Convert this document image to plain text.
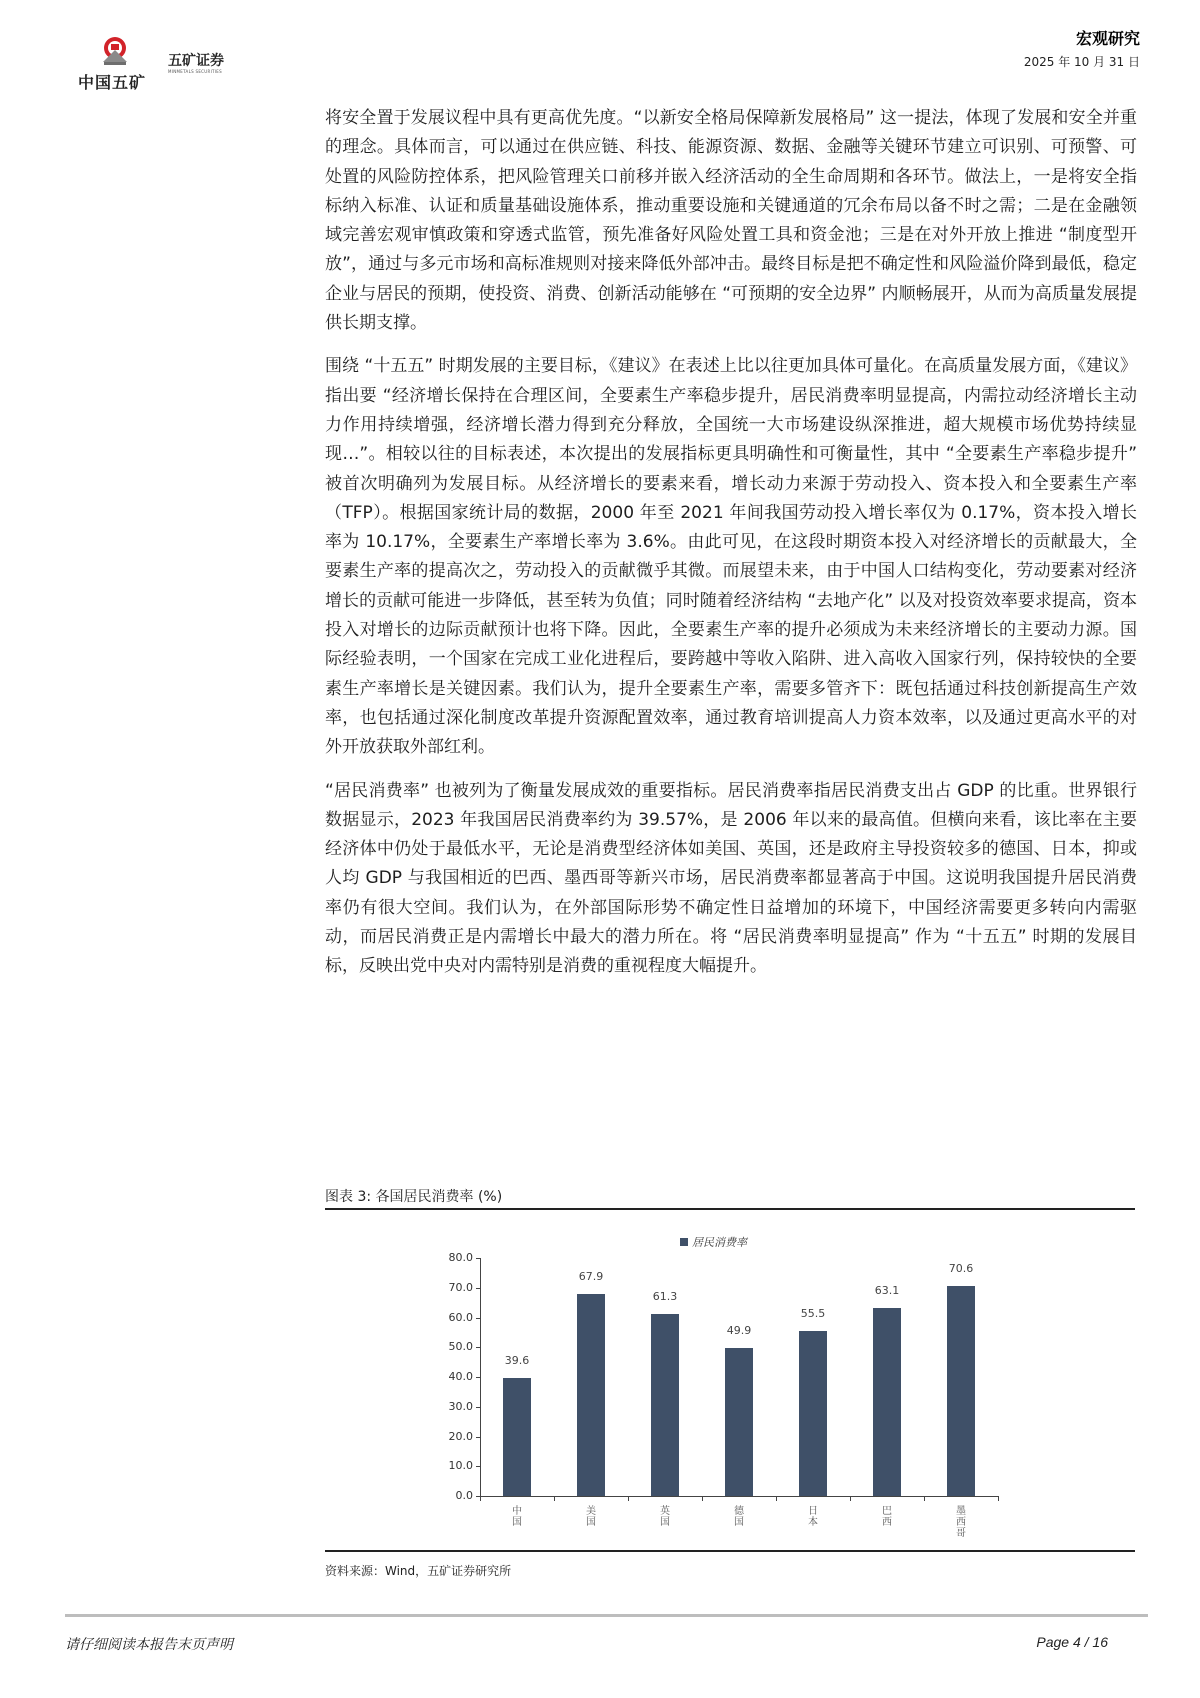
中国五矿
五矿证券
MINMETALS SECURITIES
宏观研究
2025 年 10 月 31 日

将安全置于发展议程中具有更高优先度。“以新安全格局保障新发展格局” 这一提法，体现了发展和安全并重的理念。具体而言，可以通过在供应链、科技、能源资源、数据、金融等关键环节建立可识别、可预警、可处置的风险防控体系，把风险管理关口前移并嵌入经济活动的全生命周期和各环节。做法上，一是将安全指标纳入标准、认证和质量基础设施体系，推动重要设施和关键通道的冗余布局以备不时之需；二是在金融领域完善宏观审慎政策和穿透式监管，预先准备好风险处置工具和资金池；三是在对外开放上推进 “制度型开放”，通过与多元市场和高标准规则对接来降低外部冲击。最终目标是把不确定性和风险溢价降到最低，稳定企业与居民的预期，使投资、消费、创新活动能够在 “可预期的安全边界” 内顺畅展开，从而为高质量发展提供长期支撑。

围绕 “十五五” 时期发展的主要目标，《建议》在表述上比以往更加具体可量化。在高质量发展方面，《建议》指出要 “经济增长保持在合理区间，全要素生产率稳步提升，居民消费率明显提高，内需拉动经济增长主动力作用持续增强，经济增长潜力得到充分释放，全国统一大市场建设纵深推进，超大规模市场优势持续显现…”。相较以往的目标表述，本次提出的发展指标更具明确性和可衡量性，其中 “全要素生产率稳步提升” 被首次明确列为发展目标。从经济增长的要素来看，增长动力来源于劳动投入、资本投入和全要素生产率（TFP）。根据国家统计局的数据，2000 年至 2021 年间我国劳动投入增长率仅为 0.17%，资本投入增长率为 10.17%，全要素生产率增长率为 3.6%。由此可见，在这段时期资本投入对经济增长的贡献最大，全要素生产率的提高次之，劳动投入的贡献微乎其微。而展望未来，由于中国人口结构变化，劳动要素对经济增长的贡献可能进一步降低，甚至转为负值；同时随着经济结构 “去地产化” 以及对投资效率要求提高，资本投入对增长的边际贡献预计也将下降。因此，全要素生产率的提升必须成为未来经济增长的主要动力源。国际经验表明，一个国家在完成工业化进程后，要跨越中等收入陷阱、进入高收入国家行列，保持较快的全要素生产率增长是关键因素。我们认为，提升全要素生产率，需要多管齐下：既包括通过科技创新提高生产效率，也包括通过深化制度改革提升资源配置效率，通过教育培训提高人力资本效率，以及通过更高水平的对外开放获取外部红利。

“居民消费率” 也被列为了衡量发展成效的重要指标。居民消费率指居民消费支出占 GDP 的比重。世界银行数据显示，2023 年我国居民消费率约为 39.57%，是 2006 年以来的最高值。但横向来看，该比率在主要经济体中仍处于最低水平，无论是消费型经济体如美国、英国，还是政府主导投资较多的德国、日本，抑或人均 GDP 与我国相近的巴西、墨西哥等新兴市场，居民消费率都显著高于中国。这说明我国提升居民消费率仍有很大空间。我们认为，在外部国际形势不确定性日益增加的环境下，中国经济需要更多转向内需驱动，而居民消费正是内需增长中最大的潜力所在。将 “居民消费率明显提高” 作为 “十五五” 时期的发展目标，反映出党中央对内需特别是消费的重视程度大幅提升。

图表 3: 各国居民消费率 (%)
居民消费率
0.0
10.0
20.0
30.0
40.0
50.0
60.0
70.0
80.0
39.6
中国
67.9
美国
61.3
英国
49.9
德国
55.5
日本
63.1
巴西
70.6
墨西哥
资料来源：Wind，五矿证券研究所
请仔细阅读本报告末页声明	Page 4 / 16
